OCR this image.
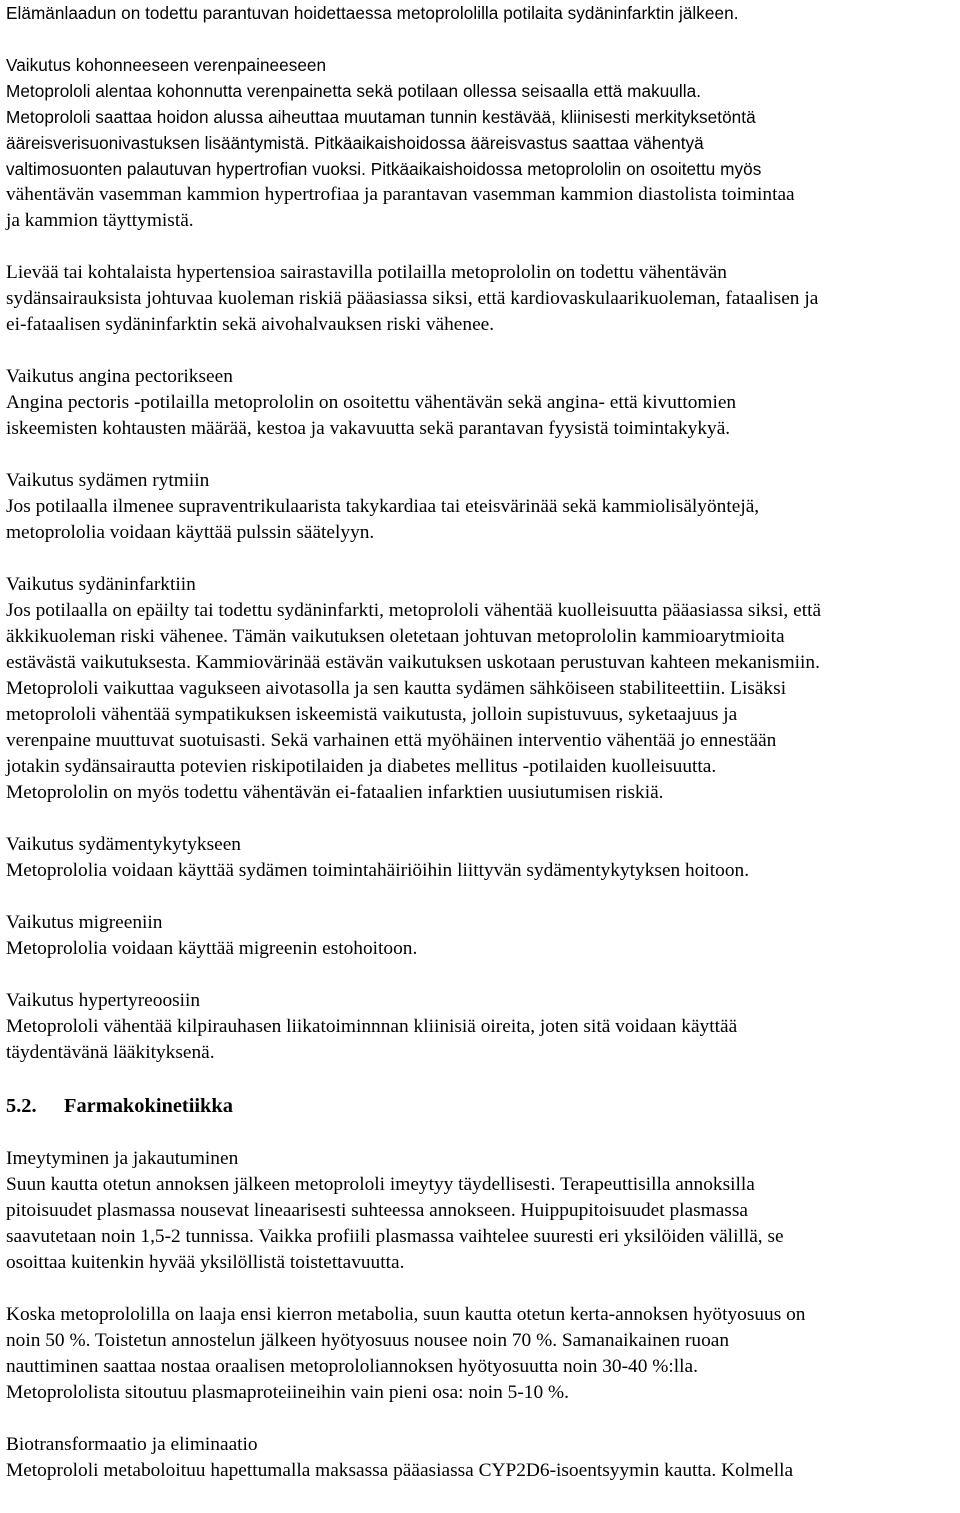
Elämänlaadun on todettu parantuvan hoidettaessa metoprololilla potilaita sydäninfarktin jälkeen.
Vaikutus kohonneeseen verenpaineeseen
Metoprololi alentaa kohonnutta verenpainetta sekä potilaan ollessa seisaalla että makuulla.
Metoprololi saattaa hoidon alussa aiheuttaa muutaman tunnin kestävää, kliinisesti merkityksetöntä
ääreisverisuonivastuksen lisääntymistä. Pitkäaikaishoidossa ääreisvastus saattaa vähentyä
valtimosuonten palautuvan hypertrofian vuoksi. Pitkäaikaishoidossa metoprololin on osoitettu myös
vähentävän vasemman kammion hypertrofiaa ja parantavan vasemman kammion diastolista toimintaa
ja kammion täyttymistä.
Lievää tai kohtalaista hypertensioa sairastavilla potilailla metoprololin on todettu vähentävän
sydänsairauksista johtuvaa kuoleman riskiä pääasiassa siksi, että kardiovaskulaarikuoleman, fataalisen ja
ei-fataalisen sydäninfarktin sekä aivohalvauksen riski vähenee.
Vaikutus angina pectorikseen
Angina pectoris -potilailla metoprololin on osoitettu vähentävän sekä angina- että kivuttomien
iskeemisten kohtausten määrää, kestoa ja vakavuutta sekä parantavan fyysistä toimintakykyä.
Vaikutus sydämen rytmiin
Jos potilaalla ilmenee supraventrikulaarista takykardiaa tai eteisvärinää sekä kammiolisälyöntejä,
metoprololia voidaan käyttää pulssin säätelyyn.
Vaikutus sydäninfarktiin
Jos potilaalla on epäilty tai todettu sydäninfarkti, metoprololi vähentää kuolleisuutta pääasiassa siksi, että
äkkikuoleman riski vähenee. Tämän vaikutuksen oletetaan johtuvan metoprololin kammioarytmioita
estävästä vaikutuksesta. Kammiovärinää estävän vaikutuksen uskotaan perustuvan kahteen mekanismiin.
Metoprololi vaikuttaa vagukseen aivotasolla ja sen kautta sydämen sähköiseen stabiliteettiin. Lisäksi
metoprololi vähentää sympatikuksen iskeemistä vaikutusta, jolloin supistuvuus, syketaajuus ja
verenpaine muuttuvat suotuisasti. Sekä varhainen että myöhäinen interventio vähentää jo ennestään
jotakin sydänsairautta potevien riskipotilaiden ja diabetes mellitus -potilaiden kuolleisuutta.
Metoprololin on myös todettu vähentävän ei-fataalien infarktien uusiutumisen riskiä.
Vaikutus sydämentykytykseen
Metoprololia voidaan käyttää sydämen toimintahäiriöihin liittyvän sydämentykytyksen hoitoon.
Vaikutus migreeniin
Metoprololia voidaan käyttää migreenin estohoitoon.
Vaikutus hypertyreoosiin
Metoprololi vähentää kilpirauhasen liikatoiminnnan kliinisiä oireita, joten sitä voidaan käyttää
täydentävänä lääkityksenä.
5.2. Farmakokinetiikka
Imeytyminen ja jakautuminen
Suun kautta otetun annoksen jälkeen metoprololi imeytyy täydellisesti. Terapeuttisilla annoksilla
pitoisuudet plasmassa nousevat lineaarisesti suhteessa annokseen. Huippupitoisuudet plasmassa
saavutetaan noin 1,5-2 tunnissa. Vaikka profiili plasmassa vaihtelee suuresti eri yksilöiden välillä, se
osoittaa kuitenkin hyvää yksilöllistä toistettavuutta.
Koska metoprololilla on laaja ensi kierron metabolia, suun kautta otetun kerta-annoksen hyötyosuus on
noin 50 %. Toistetun annostelun jälkeen hyötyosuus nousee noin 70 %. Samanaikainen ruoan
nauttiminen saattaa nostaa oraalisen metoprololiannoksen hyötyosuutta noin 30-40 %:lla.
Metoprololista sitoutuu plasmaproteiineihin vain pieni osa: noin 5-10 %.
Biotransformaatio ja eliminaatio
Metoprololi metaboloituu hapettumalla maksassa pääasiassa CYP2D6-isoentsyymin kautta. Kolmella
